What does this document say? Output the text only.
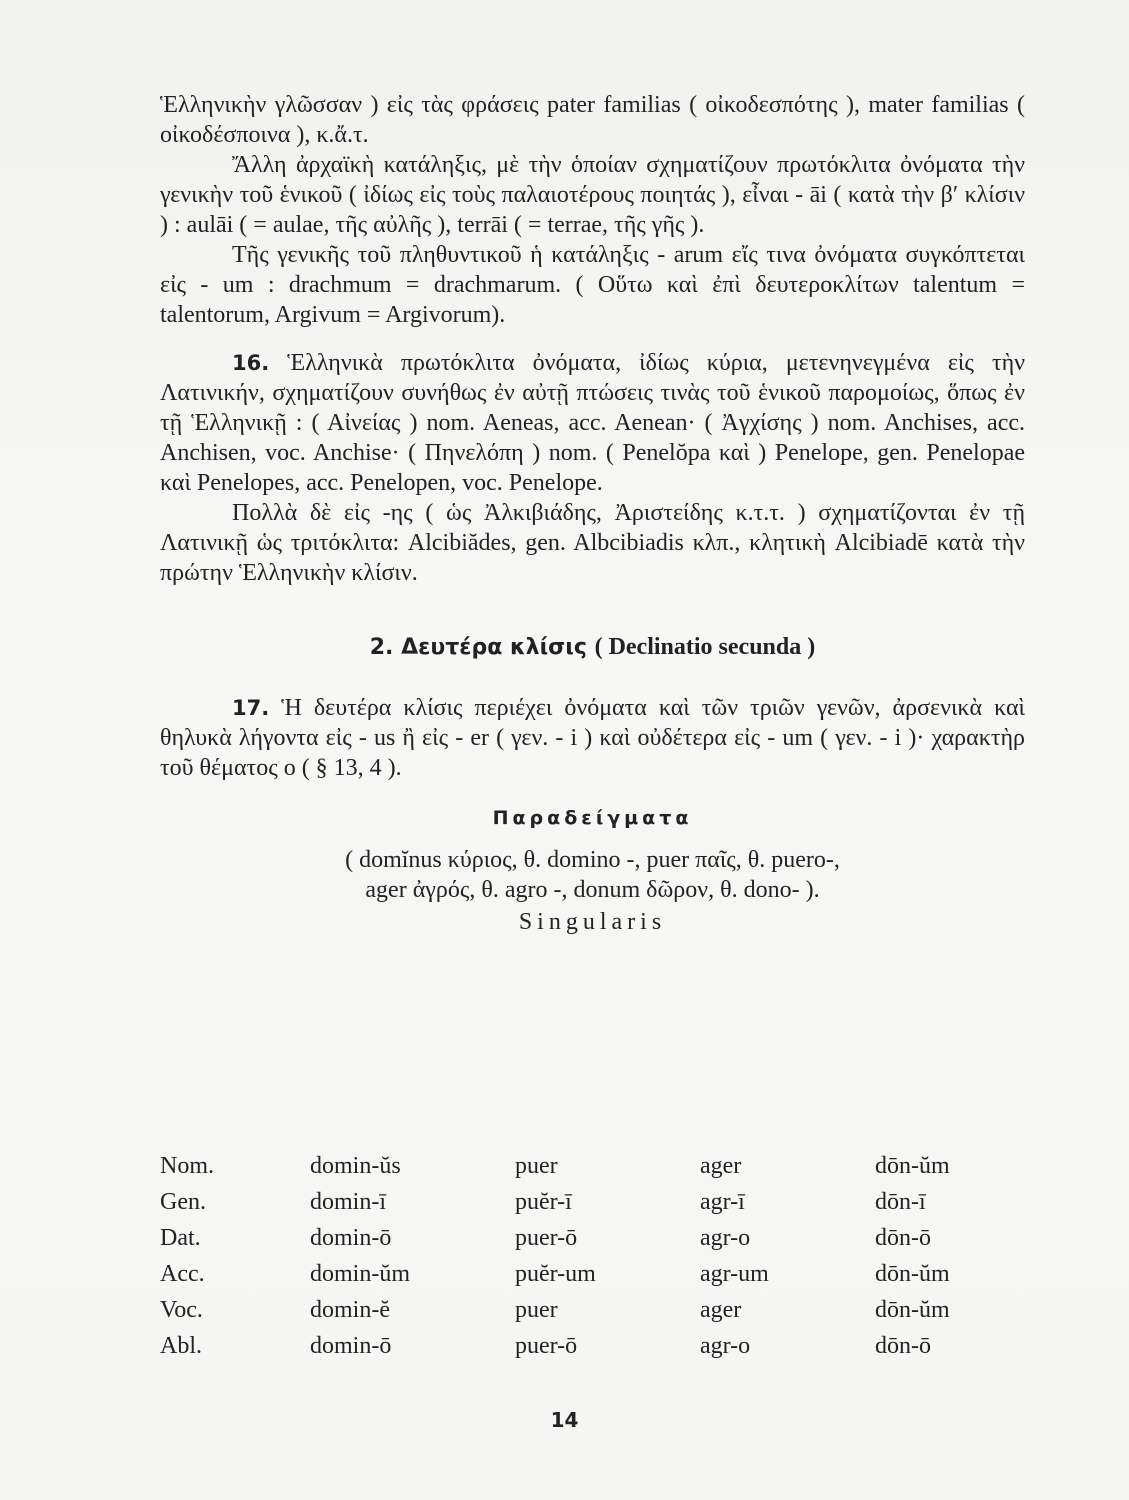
Ἑλληνικὴν γλῶσσαν ) εἰς τὰς φράσεις pater familias ( οἰκοδεσπότης ), mater familias ( οἰκοδέσποινα ), κ.ἄ.τ.

Ἄλλη ἀρχαϊκὴ κατάληξις, μὲ τὴν ὁποίαν σχηματίζουν πρωτόκλιτα ὀνόματα τὴν γενικὴν τοῦ ἑνικοῦ ( ἰδίως εἰς τοὺς παλαιοτέρους ποιητάς ), εἶναι - āi ( κατὰ τὴν β′ κλίσιν ) : aulāi ( = aulae, τῆς αὐλῆς ), terrāi ( = terrae, τῆς γῆς ).

Τῆς γενικῆς τοῦ πληθυντικοῦ ἡ κατάληξις - arum εἴς τινα ὀνόματα συγκόπτεται εἰς - um : drachmum = drachmarum. ( Οὕτω καὶ ἐπὶ δευτεροκλίτων talentum = talentorum, Argivum = Argivorum).

16. Ἑλληνικὰ πρωτόκλιτα ὀνόματα, ἰδίως κύρια, μετενηνεγμένα εἰς τὴν Λατινικήν, σχηματίζουν συνήθως ἐν αὐτῇ πτώσεις τινὰς τοῦ ἑνικοῦ παρομοίως, ὅπως ἐν τῇ Ἑλληνικῇ : ( Αἰνείας ) nom. Aeneas, acc. Aenean· ( Ἀγχίσης ) nom. Anchises, acc. Anchisen, voc. Anchise· ( Πηνελόπη ) nom. ( Penelŏpa καὶ ) Penelope, gen. Penelopae καὶ Penelopes, acc. Penelopen, voc. Penelope.

Πολλὰ δὲ εἰς -ης ( ὡς Ἀλκιβιάδης, Ἀριστείδης κ.τ.τ. ) σχηματίζονται ἐν τῇ Λατινικῇ ὡς τριτόκλιτα: Alcibiădes, gen. Albcibiadis κλπ., κλητικὴ Alcibiadē κατὰ τὴν πρώτην Ἑλληνικὴν κλίσιν.

2. Δευτέρα κλίσις ( Declinatio secunda )

17. Ἡ δευτέρα κλίσις περιέχει ὀνόματα καὶ τῶν τριῶν γενῶν, ἀρσενικὰ καὶ θηλυκὰ λήγοντα εἰς - us ἢ εἰς - er ( γεν. - i ) καὶ οὐδέτερα εἰς - um ( γεν. - i )· χαρακτὴρ τοῦ θέματος o ( § 13, 4 ).

Παραδείγματα

( domĭnus κύριος, θ. domino -, puer παῖς, θ. puero-,

ager ἀγρός, θ. agro -, donum δῶρον, θ. dono- ).

Singularis

Nom.	domin-ŭs	puer	ager	dōn-ŭm
Gen.	domin-ī	puĕr-ī	agr-ī	dōn-ī
Dat.	domin-ō	puer-ō	agr-o	dōn-ō
Acc.	domin-ŭm	puĕr-um	agr-um	dōn-ŭm
Voc.	domin-ĕ	puer	ager	dōn-ŭm
Abl.	domin-ō	puer-ō	agr-o	dōn-ō
14
